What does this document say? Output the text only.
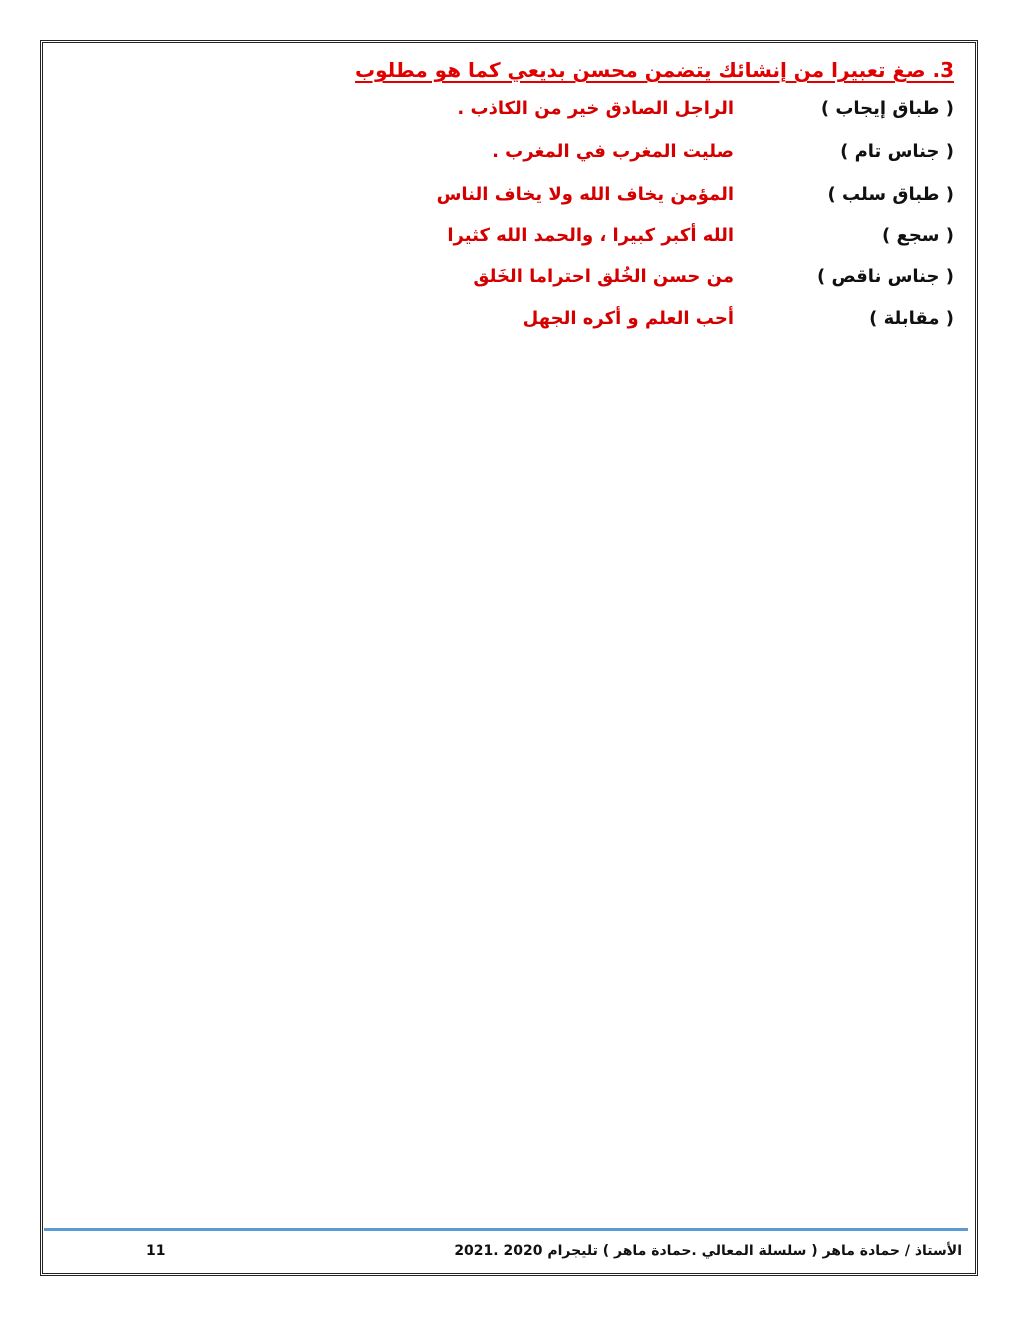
3. صغ تعبيرا من إنشائك يتضمن محسن بديعي كما هو مطلوب
( طباق إيجاب )
الراجل الصادق خير من الكاذب .
( جناس تام )
صليت المغرب في المغرب .
( طباق سلب )
المؤمن يخاف الله ولا يخاف الناس
( سجع )
الله أكبر كبيرا ، والحمد الله كثيرا
( جناس ناقص )
من حسن الخُلق احتراما الخَلق
( مقابلة )
أحب العلم و أكره الجهل
الأستاذ / حمادة ماهر ( سلسلة المعالي .حمادة ماهر ) تليجرام 2020 .2021
11
